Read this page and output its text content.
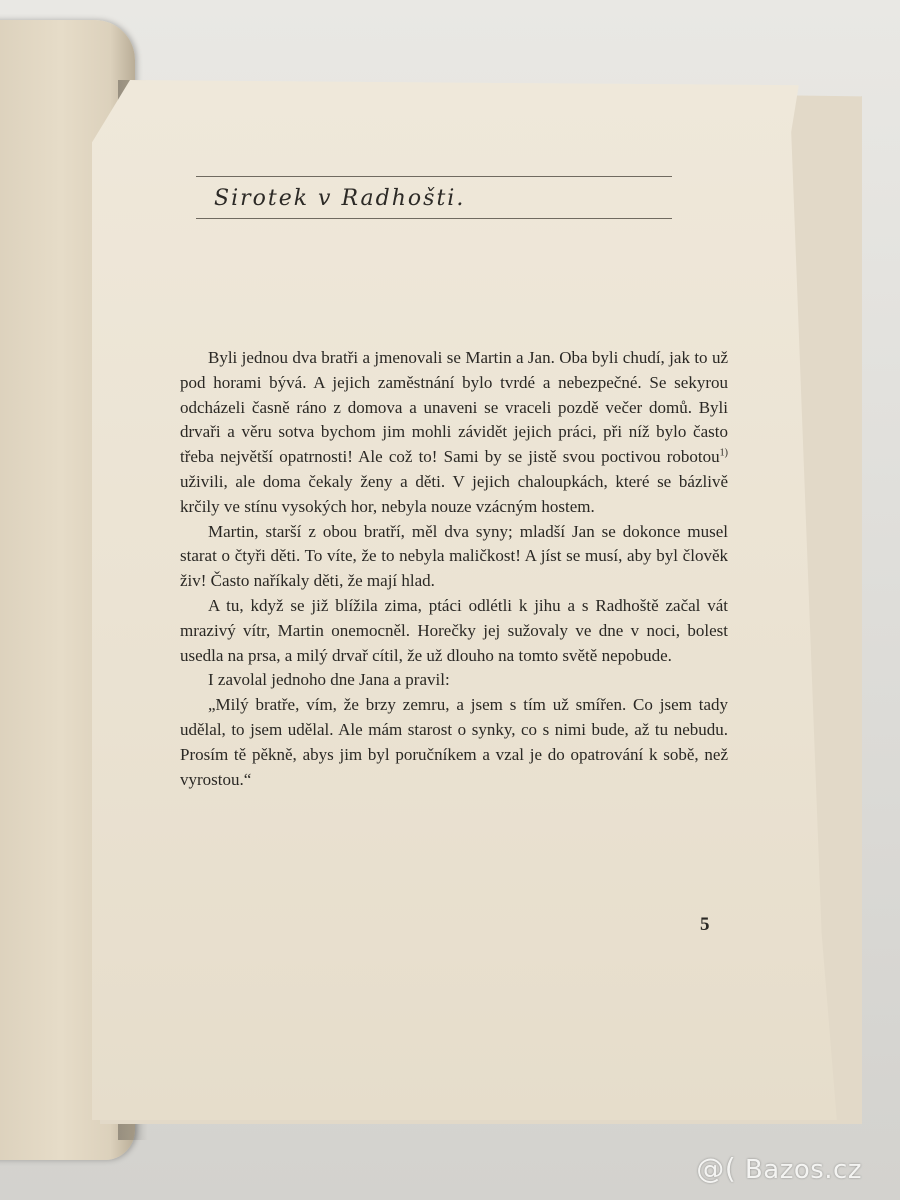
Sirotek v Radhošti.

Byli jednou dva bratři a jmenovali se Martin a Jan. Oba byli chudí, jak to už pod horami bývá. A jejich zaměstnání bylo tvrdé a nebezpečné. Se sekyrou odcházeli časně ráno z domova a unaveni se vraceli pozdě večer domů. Byli drvaři a věru sotva bychom jim mohli závidět jejich práci, při níž bylo často třeba největší opatrnosti! Ale což to! Sami by se jistě svou poctivou robotou$^{1)}$ uživili, ale doma čekaly ženy a děti. V jejich chaloupkách, které se bázlivě krčily ve stínu vysokých hor, nebyla nouze vzácným hostem.

Martin, starší z obou bratří, měl dva syny; mladší Jan se dokonce musel starat o čtyři děti. To víte, že to nebyla maličkost! A jíst se musí, aby byl člověk živ! Často naříkaly děti, že mají hlad.

A tu, když se již blížila zima, ptáci odlétli k jihu a s Radhoště začal vát mrazivý vítr, Martin onemocněl. Horečky jej sužovaly ve dne v noci, bolest usedla na prsa, a milý drvař cítil, že už dlouho na tomto světě nepobude.

I zavolal jednoho dne Jana a pravil:

„Milý bratře, vím, že brzy zemru, a jsem s tím už smířen. Co jsem tady udělal, to jsem udělal. Ale mám starost o synky, co s nimi bude, až tu nebudu. Prosím tě pěkně, abys jim byl poručníkem a vzal je do opatrování k sobě, než vyrostou.“

5
@( Bazos.cz
